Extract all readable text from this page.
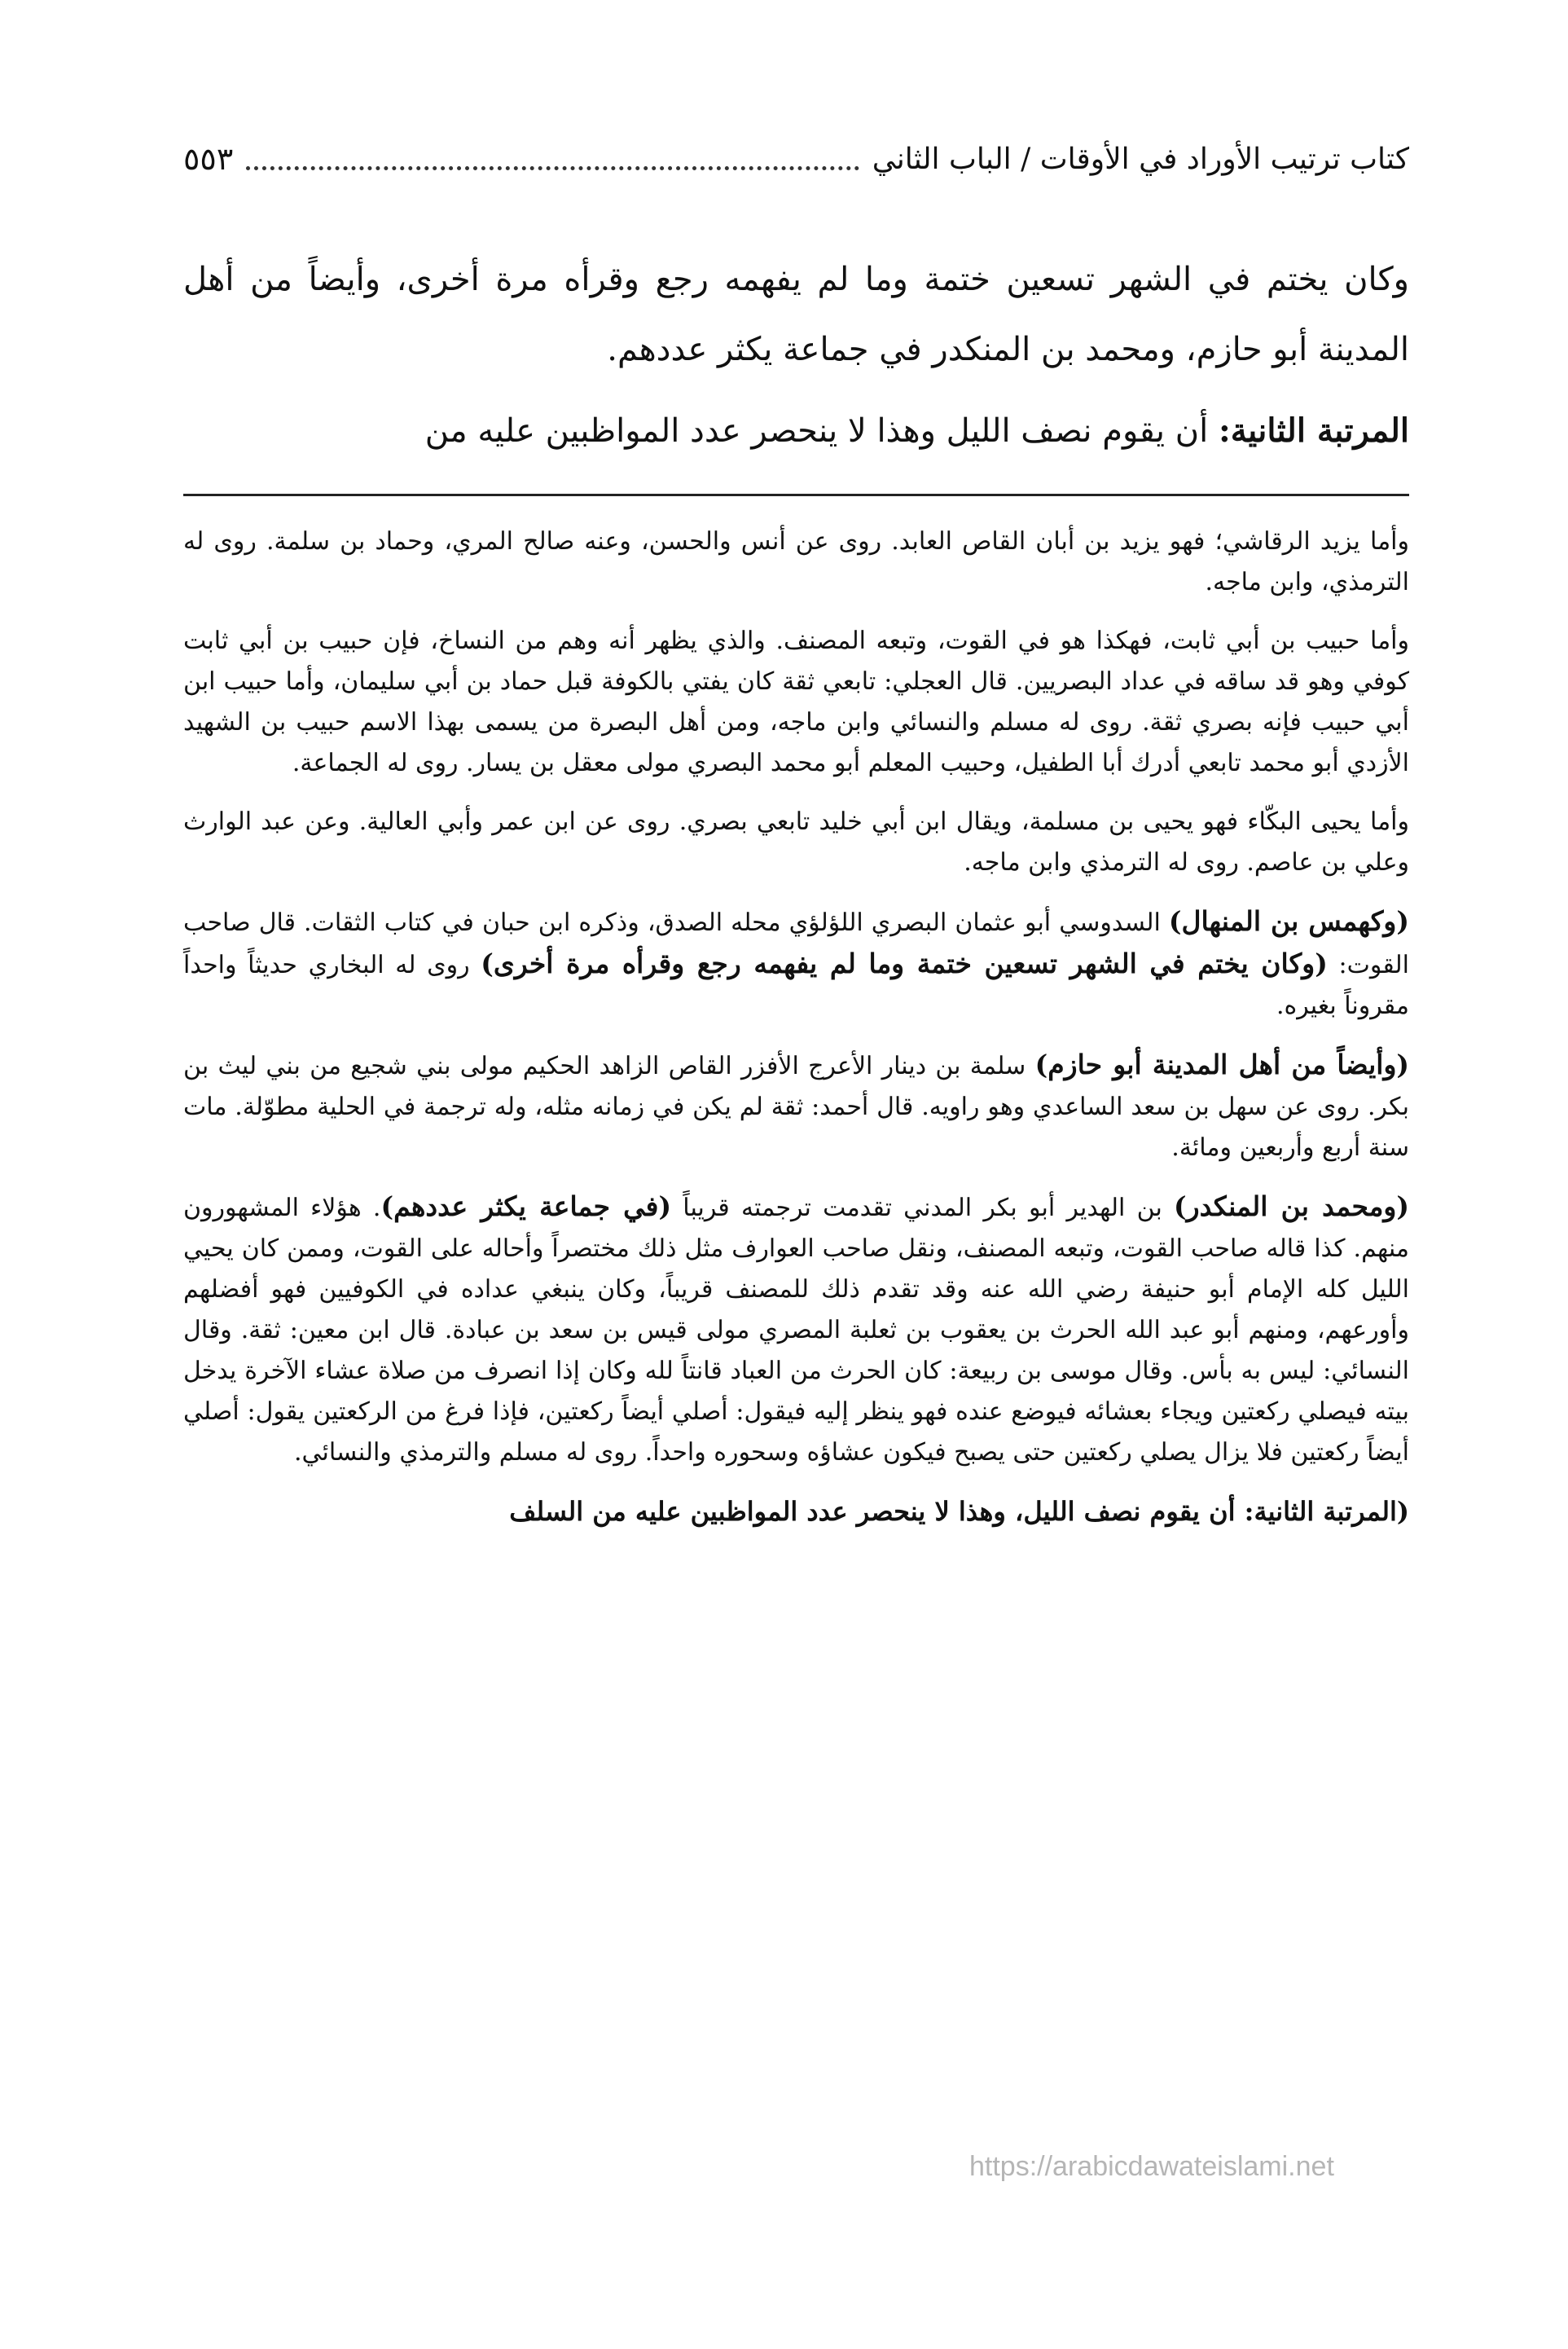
كتاب ترتيب الأوراد في الأوقات / الباب الثاني
٥٥٣

وكان يختم في الشهر تسعين ختمة وما لم يفهمه رجع وقرأه مرة أخرى، وأيضاً من أهل المدينة أبو حازم، ومحمد بن المنكدر في جماعة يكثر عددهم.

المرتبة الثانية: أن يقوم نصف الليل وهذا لا ينحصر عدد المواظبين عليه من

وأما يزيد الرقاشي؛ فهو يزيد بن أبان القاص العابد. روى عن أنس والحسن، وعنه صالح المري، وحماد بن سلمة. روى له الترمذي، وابن ماجه.

وأما حبيب بن أبي ثابت، فهكذا هو في القوت، وتبعه المصنف. والذي يظهر أنه وهم من النساخ، فإن حبيب بن أبي ثابت كوفي وهو قد ساقه في عداد البصريين. قال العجلي: تابعي ثقة كان يفتي بالكوفة قبل حماد بن أبي سليمان، وأما حبيب ابن أبي حبيب فإنه بصري ثقة. روى له مسلم والنسائي وابن ماجه، ومن أهل البصرة من يسمى بهذا الاسم حبيب بن الشهيد الأزدي أبو محمد تابعي أدرك أبا الطفيل، وحبيب المعلم أبو محمد البصري مولى معقل بن يسار. روى له الجماعة.

وأما يحيى البكّاء فهو يحيى بن مسلمة، ويقال ابن أبي خليد تابعي بصري. روى عن ابن عمر وأبي العالية. وعن عبد الوارث وعلي بن عاصم. روى له الترمذي وابن ماجه.

(وكهمس بن المنهال) السدوسي أبو عثمان البصري اللؤلؤي محله الصدق، وذكره ابن حبان في كتاب الثقات. قال صاحب القوت: (وكان يختم في الشهر تسعين ختمة وما لم يفهمه رجع وقرأه مرة أخرى) روى له البخاري حديثاً واحداً مقروناً بغيره.

(وأيضاً من أهل المدينة أبو حازم) سلمة بن دينار الأعرج الأفزر القاص الزاهد الحكيم مولى بني شجيع من بني ليث بن بكر. روى عن سهل بن سعد الساعدي وهو راويه. قال أحمد: ثقة لم يكن في زمانه مثله، وله ترجمة في الحلية مطوّلة. مات سنة أربع وأربعين ومائة.

(ومحمد بن المنكدر) بن الهدير أبو بكر المدني تقدمت ترجمته قريباً (في جماعة يكثر عددهم). هؤلاء المشهورون منهم. كذا قاله صاحب القوت، وتبعه المصنف، ونقل صاحب العوارف مثل ذلك مختصراً وأحاله على القوت، وممن كان يحيي الليل كله الإمام أبو حنيفة رضي الله عنه وقد تقدم ذلك للمصنف قريباً، وكان ينبغي عداده في الكوفيين فهو أفضلهم وأورعهم، ومنهم أبو عبد الله الحرث بن يعقوب بن ثعلبة المصري مولى قيس بن سعد بن عبادة. قال ابن معين: ثقة. وقال النسائي: ليس به بأس. وقال موسى بن ربيعة: كان الحرث من العباد قانتاً لله وكان إذا انصرف من صلاة عشاء الآخرة يدخل بيته فيصلي ركعتين ويجاء بعشائه فيوضع عنده فهو ينظر إليه فيقول: أصلي أيضاً ركعتين، فإذا فرغ من الركعتين يقول: أصلي أيضاً ركعتين فلا يزال يصلي ركعتين حتى يصبح فيكون عشاؤه وسحوره واحداً. روى له مسلم والترمذي والنسائي.

(المرتبة الثانية: أن يقوم نصف الليل، وهذا لا ينحصر عدد المواظبين عليه من السلف

https://arabicdawateislami.net
